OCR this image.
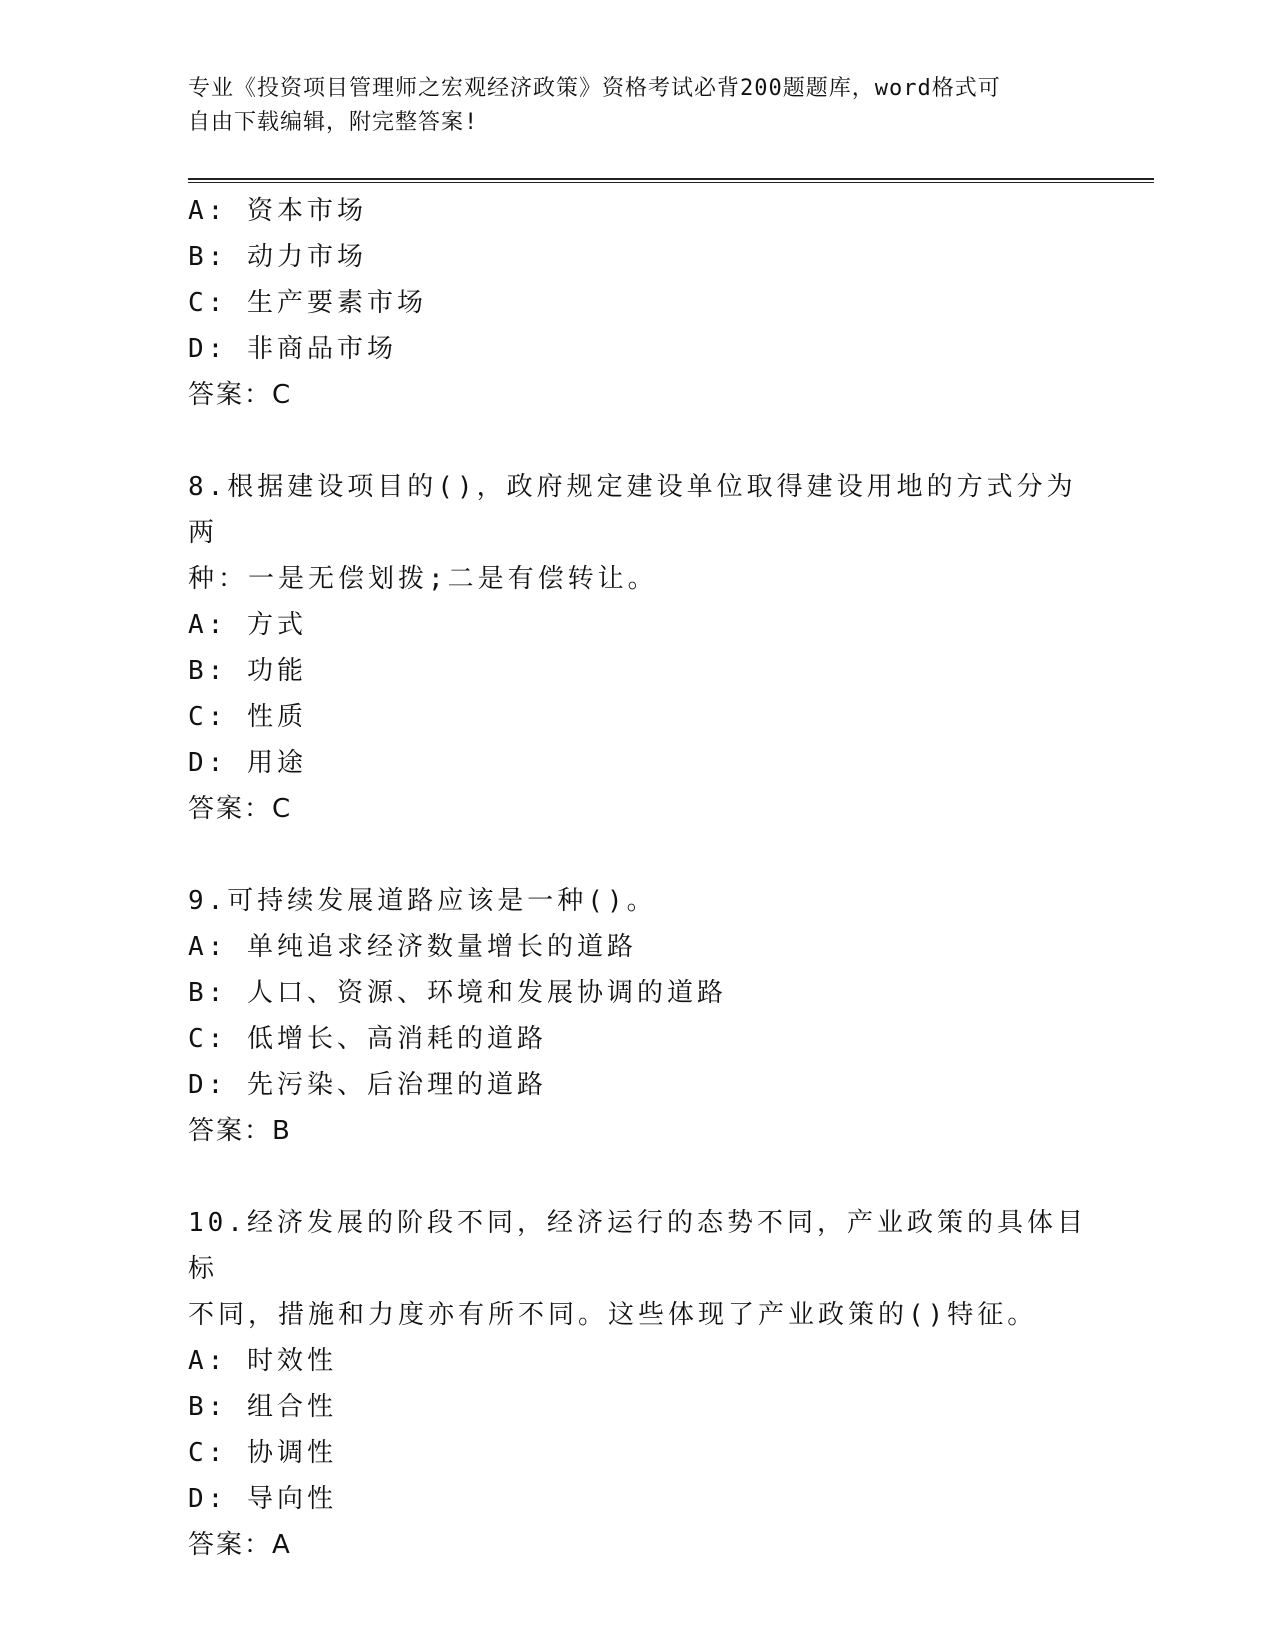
专业《投资项目管理师之宏观经济政策》资格考试必背200题题库，word格式可
自由下载编辑，附完整答案!
A: 资本市场
B: 动力市场
C: 生产要素市场
D: 非商品市场
答案：C
8.根据建设项目的()，政府规定建设单位取得建设用地的方式分为两
种：一是无偿划拨;二是有偿转让。
A: 方式
B: 功能
C: 性质
D: 用途
答案：C
9.可持续发展道路应该是一种()。
A: 单纯追求经济数量增长的道路
B: 人口、资源、环境和发展协调的道路
C: 低增长、高消耗的道路
D: 先污染、后治理的道路
答案：B
10.经济发展的阶段不同，经济运行的态势不同，产业政策的具体目标
不同，措施和力度亦有所不同。这些体现了产业政策的()特征。
A: 时效性
B: 组合性
C: 协调性
D: 导向性
答案：A
